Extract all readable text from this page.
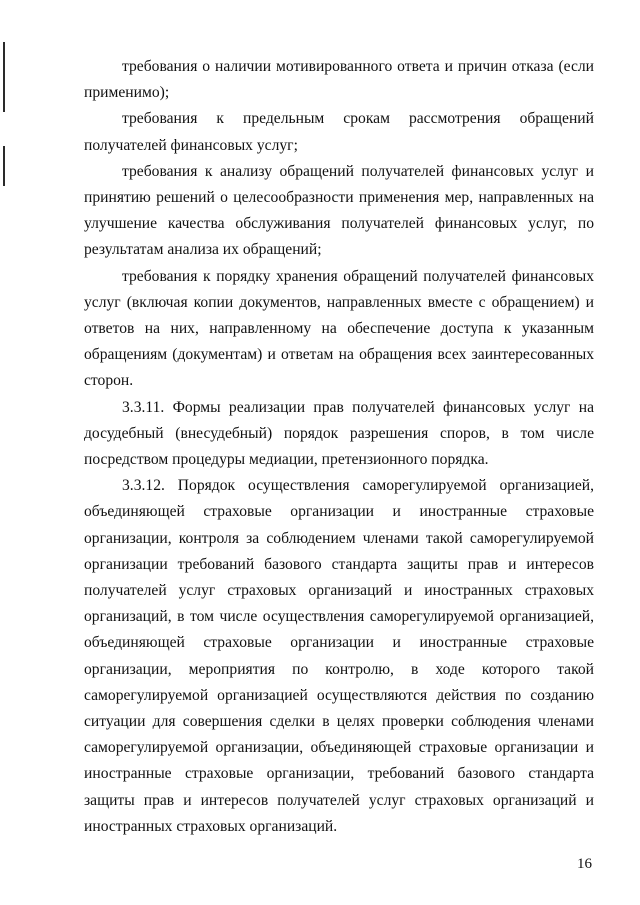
требования о наличии мотивированного ответа и причин отказа (если применимо);

требования к предельным срокам рассмотрения обращений получателей финансовых услуг;

требования к анализу обращений получателей финансовых услуг и принятию решений о целесообразности применения мер, направленных на улучшение качества обслуживания получателей финансовых услуг, по результатам анализа их обращений;

требования к порядку хранения обращений получателей финансовых услуг (включая копии документов, направленных вместе с обращением) и ответов на них, направленному на обеспечение доступа к указанным обращениям (документам) и ответам на обращения всех заинтересованных сторон.

3.3.11. Формы реализации прав получателей финансовых услуг на досудебный (внесудебный) порядок разрешения споров, в том числе посредством процедуры медиации, претензионного порядка.

3.3.12. Порядок осуществления саморегулируемой организацией, объединяющей страховые организации и иностранные страховые организации, контроля за соблюдением членами такой саморегулируемой организации требований базового стандарта защиты прав и интересов получателей услуг страховых организаций и иностранных страховых организаций, в том числе осуществления саморегулируемой организацией, объединяющей страховые организации и иностранные страховые организации, мероприятия по контролю, в ходе которого такой саморегулируемой организацией осуществляются действия по созданию ситуации для совершения сделки в целях проверки соблюдения членами саморегулируемой организации, объединяющей страховые организации и иностранные страховые организации, требований базового стандарта защиты прав и интересов получателей услуг страховых организаций и иностранных страховых организаций.

16
